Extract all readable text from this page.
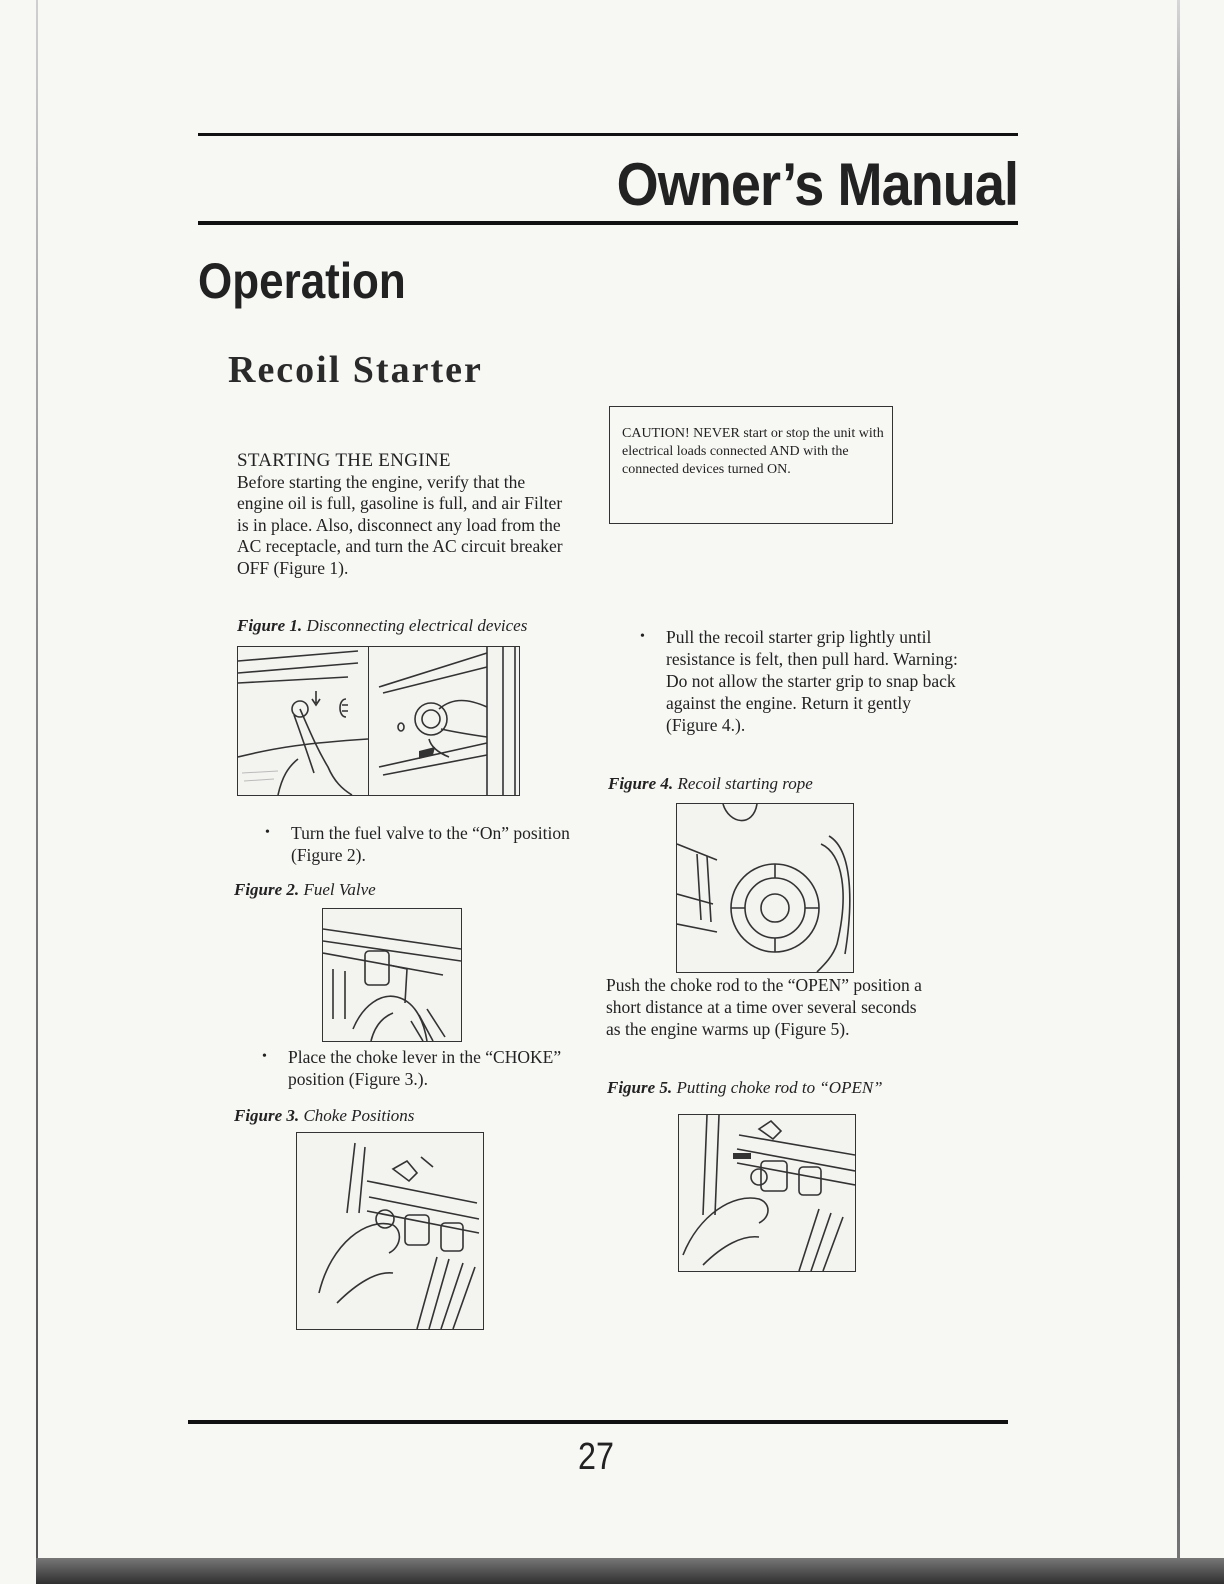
Owner’s Manual
Operation
Recoil Starter
CAUTION! NEVER start or stop the unit with electrical loads connected AND with the connected devices turned ON.
STARTING THE ENGINE
Before starting the engine, verify that the engine oil is full, gasoline is full, and air Filter is in place. Also, disconnect any load from the AC receptacle, and turn the AC circuit breaker OFF (Figure 1).
Figure 1. Disconnecting electrical devices
• Turn the fuel valve to the “On” position (Figure 2).
Figure 2. Fuel Valve
• Place the choke lever in the “CHOKE” position (Figure 3.).
Figure 3. Choke Positions
• Pull the recoil starter grip lightly until resistance is felt, then pull hard. Warning: Do not allow the starter grip to snap back against the engine. Return it gently (Figure 4.).
Figure 4. Recoil starting rope
Push the choke rod to the “OPEN” position a short distance at a time over several seconds as the engine warms up (Figure 5).
Figure 5. Putting choke rod to “OPEN”
27
